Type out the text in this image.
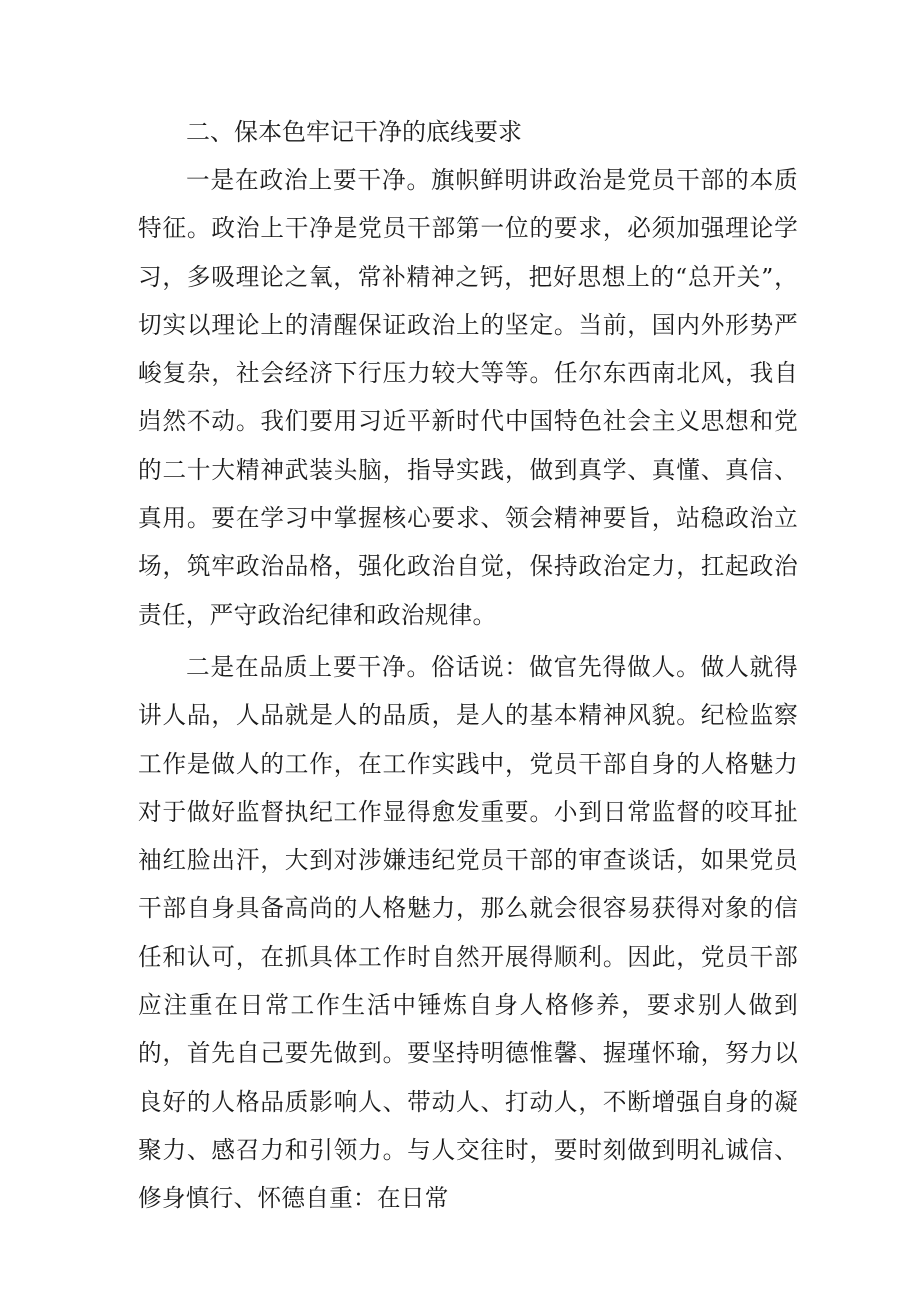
二、保本色牢记干净的底线要求

一是在政治上要干净。旗帜鲜明讲政治是党员干部的本质特征。政治上干净是党员干部第一位的要求，必须加强理论学习，多吸理论之氧，常补精神之钙，把好思想上的“总开关”，切实以理论上的清醒保证政治上的坚定。当前，国内外形势严峻复杂，社会经济下行压力较大等等。任尔东西南北风，我自岿然不动。我们要用习近平新时代中国特色社会主义思想和党的二十大精神武装头脑，指导实践，做到真学、真懂、真信、真用。要在学习中掌握核心要求、领会精神要旨，站稳政治立场，筑牢政治品格，强化政治自觉，保持政治定力，扛起政治责任，严守政治纪律和政治规律。

二是在品质上要干净。俗话说：做官先得做人。做人就得讲人品，人品就是人的品质，是人的基本精神风貌。纪检监察工作是做人的工作，在工作实践中，党员干部自身的人格魅力对于做好监督执纪工作显得愈发重要。小到日常监督的咬耳扯袖红脸出汗，大到对涉嫌违纪党员干部的审查谈话，如果党员干部自身具备高尚的人格魅力，那么就会很容易获得对象的信任和认可，在抓具体工作时自然开展得顺利。因此，党员干部应注重在日常工作生活中锤炼自身人格修养，要求别人做到的，首先自己要先做到。要坚持明德惟馨、握瑾怀瑜，努力以良好的人格品质影响人、带动人、打动人，不断增强自身的凝聚力、感召力和引领力。与人交往时，要时刻做到明礼诚信、修身慎行、怀德自重：在日常
